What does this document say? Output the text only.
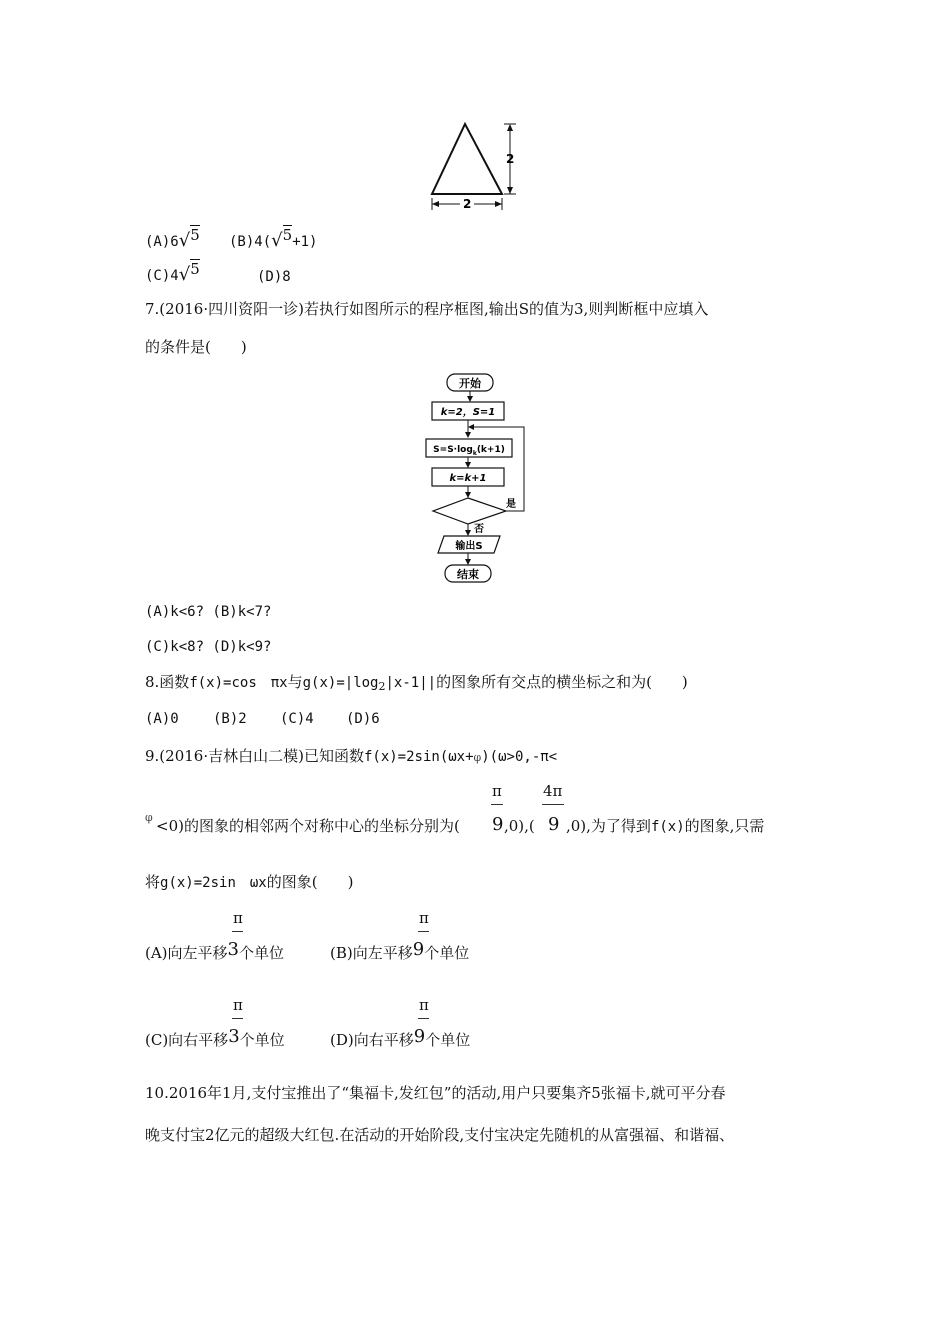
2
2
(A)6√5 (B)4(√5+1)
(C)4√5	(D)8
7.(2016·四川资阳一诊)若执行如图所示的程序框图,输出S的值为3,则判断框中应填入
的条件是(　　)
开始
k=2，S=1
$S=S\cdot\log_k(k+1)$
k=k+1
是
否
输出S
结束
(A)k<6? (B)k<7?
(C)k<8? (D)k<9?
8.函数f(x)=cos　πx与$g(x)=|\log_2|x-1||$的图象所有交点的横坐标之和为(　　)
(A)0 (B)2 (C)4 (D)6
9.(2016·吉林白山二模)已知函数f(x)=2sin(ωx+φ)(ω>0,-π<
φ <0)的图象的相邻两个对称中心的坐标分别为(
π
9 ,0),(
4π
9 ,0),为了得到f(x)的图象,只需
将g(x)=2sin　ωx的图象(　　)
π
(A)向左平移3个单位
π
(B)向左平移9个单位
π
(C)向右平移3个单位
π
(D)向右平移9个单位
10.2016年1月,支付宝推出了“集福卡,发红包”的活动,用户只要集齐5张福卡,就可平分春
晚支付宝2亿元的超级大红包.在活动的开始阶段,支付宝决定先随机的从富强福、和谐福、
